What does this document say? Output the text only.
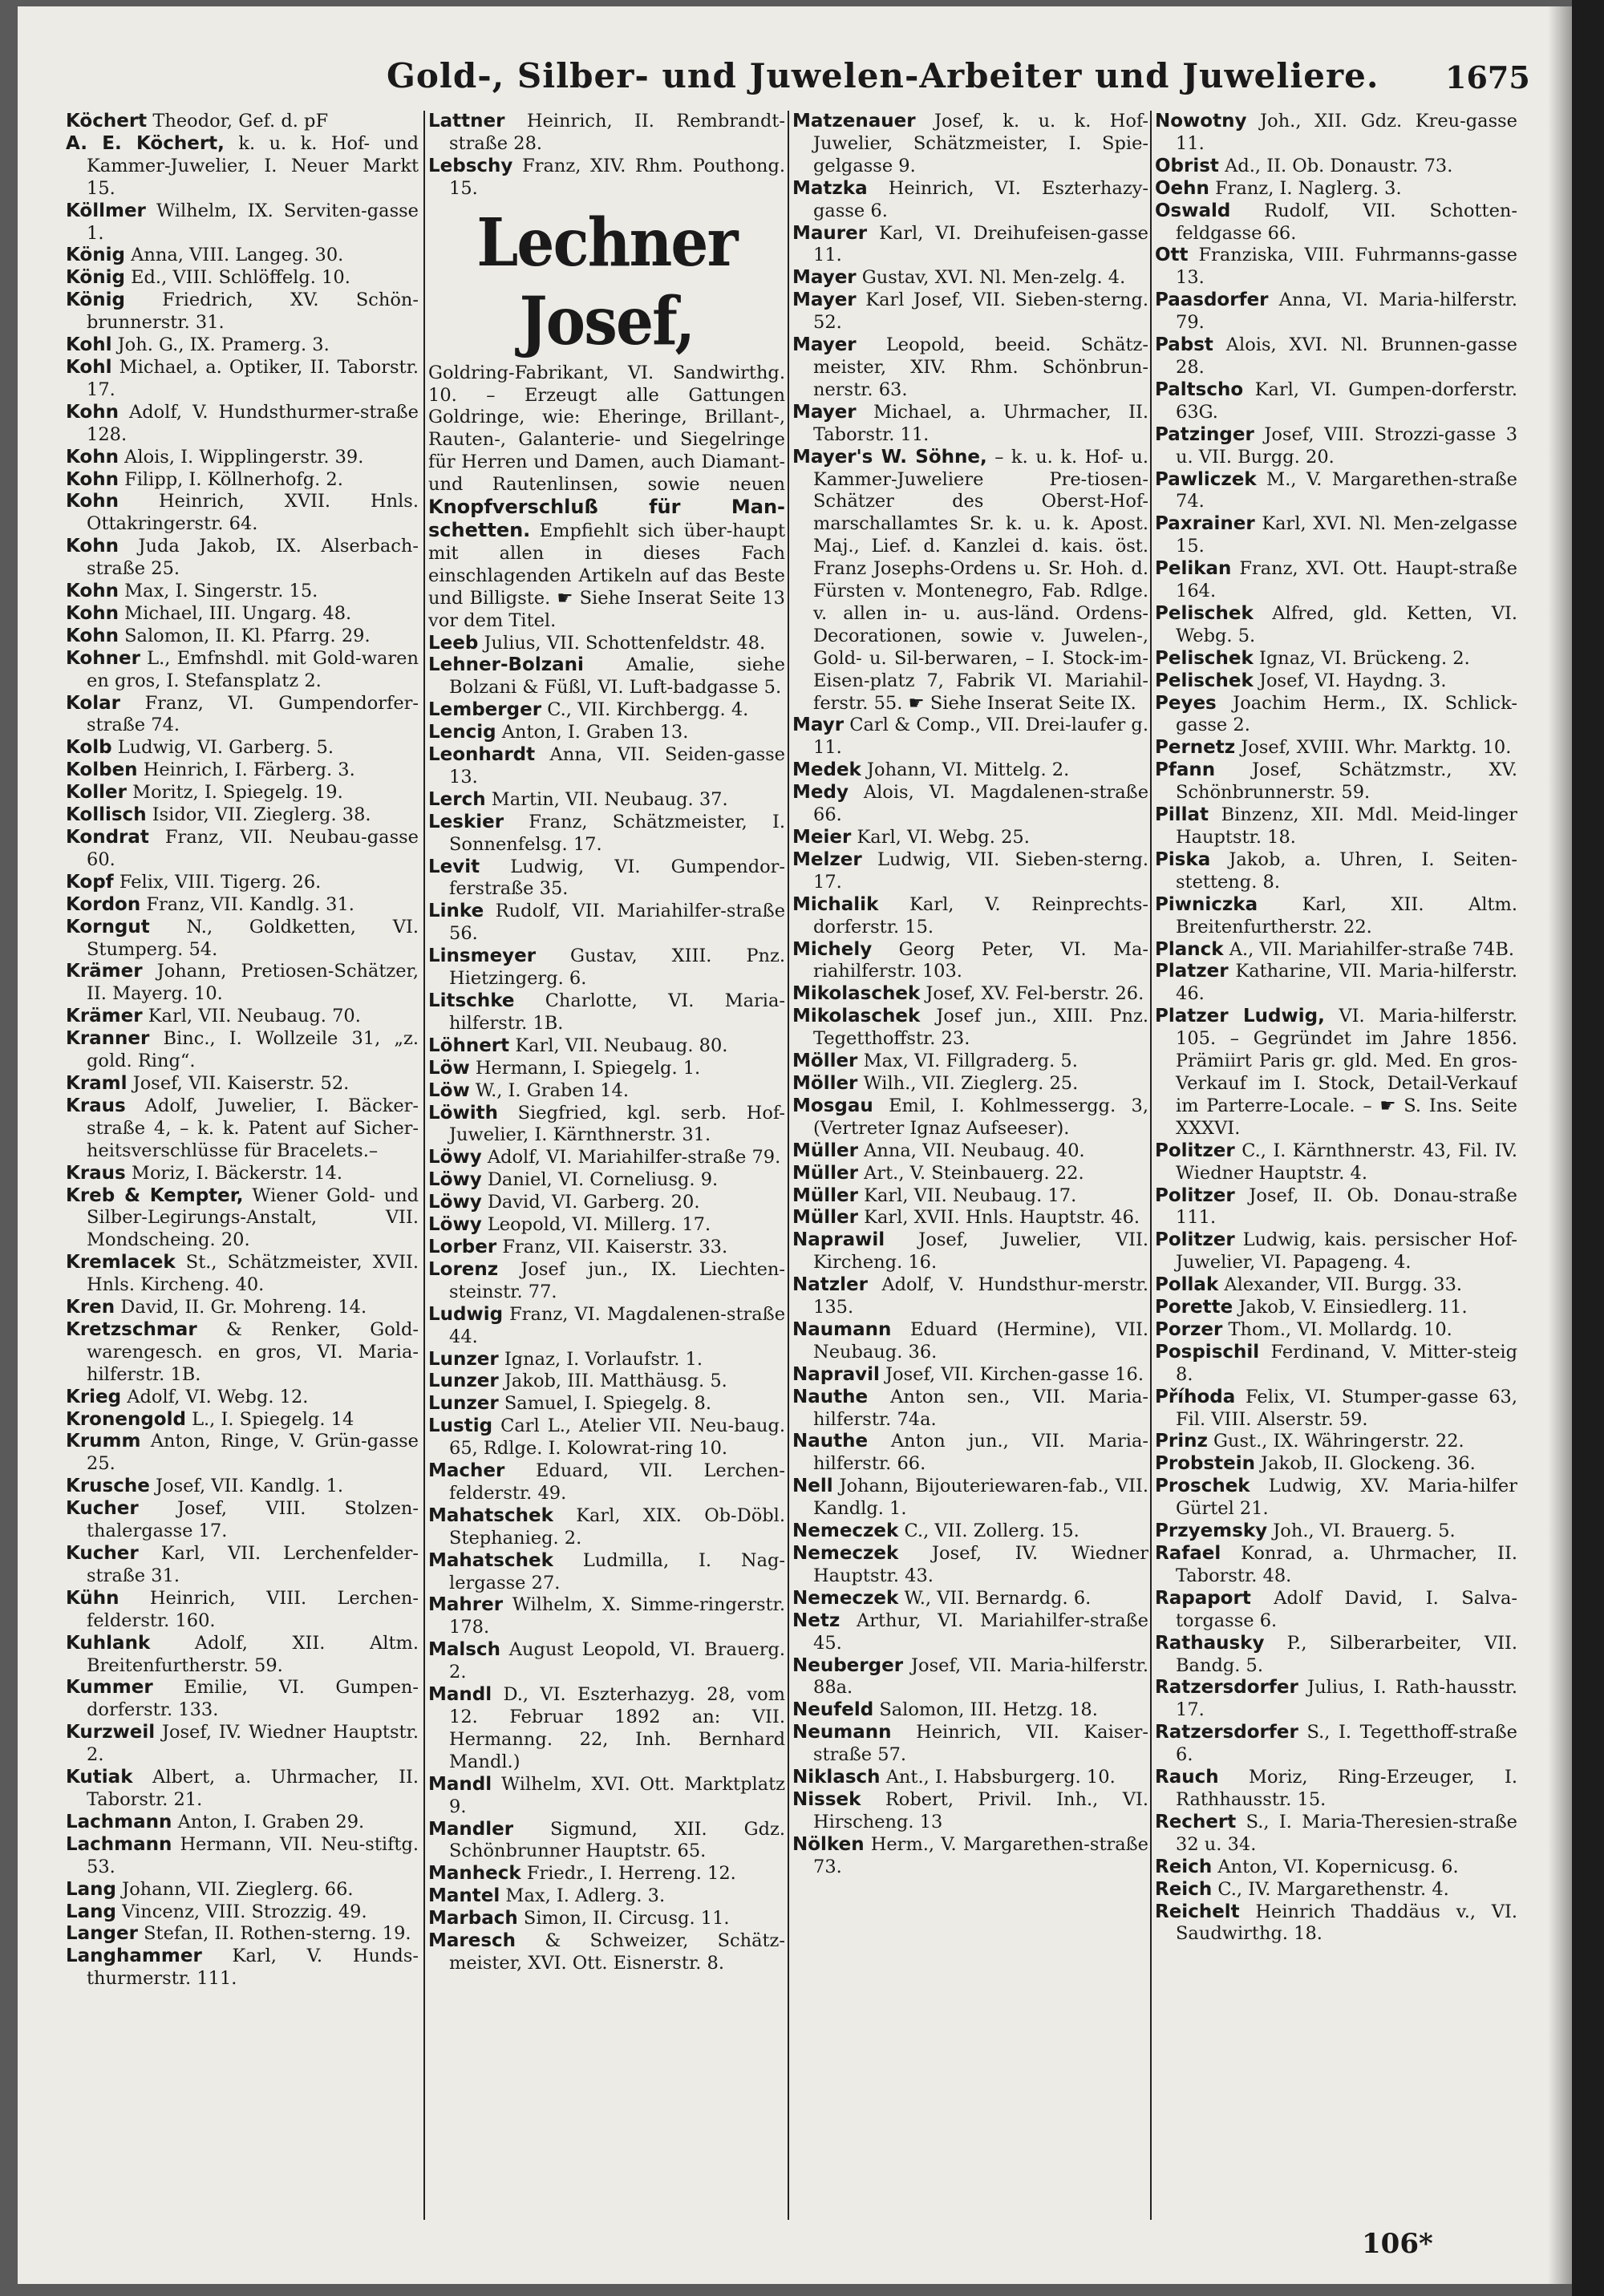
Gold-, Silber- und Juwelen-Arbeiter und Juweliere. 1675

Köchert Theodor, Gef. d. pF

A. E. Köchert, k. u. k. Hof- und Kammer-Juwelier, I. Neuer Markt 15.

Köllmer Wilhelm, IX. Serviten-gasse 1.

König Anna, VIII. Langeg. 30.

König Ed., VIII. Schlöffelg. 10.

König Friedrich, XV. Schön-brunnerstr. 31.

Kohl Joh. G., IX. Pramerg. 3.

Kohl Michael, a. Optiker, II. Taborstr. 17.

Kohn Adolf, V. Hundsthurmer-straße 128.

Kohn Alois, I. Wipplingerstr. 39.

Kohn Filipp, I. Köllnerhofg. 2.

Kohn Heinrich, XVII. Hnls. Ottakringerstr. 64.

Kohn Juda Jakob, IX. Alserbach-straße 25.

Kohn Max, I. Singerstr. 15.

Kohn Michael, III. Ungarg. 48.

Kohn Salomon, II. Kl. Pfarrg. 29.

Kohner L., Emfnshdl. mit Gold-waren en gros, I. Stefansplatz 2.

Kolar Franz, VI. Gumpendorfer-straße 74.

Kolb Ludwig, VI. Garberg. 5.

Kolben Heinrich, I. Färberg. 3.

Koller Moritz, I. Spiegelg. 19.

Kollisch Isidor, VII. Zieglerg. 38.

Kondrat Franz, VII. Neubau-gasse 60.

Kopf Felix, VIII. Tigerg. 26.

Kordon Franz, VII. Kandlg. 31.

Korngut N., Goldketten, VI. Stumperg. 54.

Krämer Johann, Pretiosen-Schätzer, II. Mayerg. 10.

Krämer Karl, VII. Neubaug. 70.

Kranner Binc., I. Wollzeile 31, „z. gold. Ring“.

Kraml Josef, VII. Kaiserstr. 52.

Kraus Adolf, Juwelier, I. Bäcker-straße 4, – k. k. Patent auf Sicher-heitsverschlüsse für Bracelets.–

Kraus Moriz, I. Bäckerstr. 14.

Kreb & Kempter, Wiener Gold- und Silber-Legirungs-Anstalt, VII. Mondscheing. 20.

Kremlacek St., Schätzmeister, XVII. Hnls. Kircheng. 40.

Kren David, II. Gr. Mohreng. 14.

Kretzschmar & Renker, Gold-warengesch. en gros, VI. Maria-hilferstr. 1B.

Krieg Adolf, VI. Webg. 12.

Kronengold L., I. Spiegelg. 14

Krumm Anton, Ringe, V. Grün-gasse 25.

Krusche Josef, VII. Kandlg. 1.

Kucher Josef, VIII. Stolzen-thalergasse 17.

Kucher Karl, VII. Lerchenfelder-straße 31.

Kühn Heinrich, VIII. Lerchen-felderstr. 160.

Kuhlank Adolf, XII. Altm. Breitenfurtherstr. 59.

Kummer Emilie, VI. Gumpen-dorferstr. 133.

Kurzweil Josef, IV. Wiedner Hauptstr. 2.

Kutiak Albert, a. Uhrmacher, II. Taborstr. 21.

Lachmann Anton, I. Graben 29.

Lachmann Hermann, VII. Neu-stiftg. 53.

Lang Johann, VII. Zieglerg. 66.

Lang Vincenz, VIII. Strozzig. 49.

Langer Stefan, II. Rothen-sterng. 19.

Langhammer Karl, V. Hunds-thurmerstr. 111.

Lattner Heinrich, II. Rembrandt-straße 28.

Lebschy Franz, XIV. Rhm. Pouthong. 15.

Lechner Josef,

Goldring-Fabrikant, VI. Sandwirthg. 10. – Erzeugt alle Gattungen Goldringe, wie: Eheringe, Brillant-, Rauten-, Galanterie- und Siegelringe für Herren und Damen, auch Diamant- und Rautenlinsen, sowie neuen Knopfverschluß für Man-schetten. Empfiehlt sich über-haupt mit allen in dieses Fach einschlagenden Artikeln auf das Beste und Billigste. ☛ Siehe Inserat Seite 13 vor dem Titel.

Leeb Julius, VII. Schottenfeldstr. 48.

Lehner-Bolzani Amalie, siehe Bolzani & Füßl, VI. Luft-badgasse 5.

Lemberger C., VII. Kirchbergg. 4.

Lencig Anton, I. Graben 13.

Leonhardt Anna, VII. Seiden-gasse 13.

Lerch Martin, VII. Neubaug. 37.

Leskier Franz, Schätzmeister, I. Sonnenfelsg. 17.

Levit Ludwig, VI. Gumpendor-ferstraße 35.

Linke Rudolf, VII. Mariahilfer-straße 56.

Linsmeyer Gustav, XIII. Pnz. Hietzingerg. 6.

Litschke Charlotte, VI. Maria-hilferstr. 1B.

Löhnert Karl, VII. Neubaug. 80.

Löw Hermann, I. Spiegelg. 1.

Löw W., I. Graben 14.

Löwith Siegfried, kgl. serb. Hof-Juwelier, I. Kärnthnerstr. 31.

Löwy Adolf, VI. Mariahilfer-straße 79.

Löwy Daniel, VI. Corneliusg. 9.

Löwy David, VI. Garberg. 20.

Löwy Leopold, VI. Millerg. 17.

Lorber Franz, VII. Kaiserstr. 33.

Lorenz Josef jun., IX. Liechten-steinstr. 77.

Ludwig Franz, VI. Magdalenen-straße 44.

Lunzer Ignaz, I. Vorlaufstr. 1.

Lunzer Jakob, III. Matthäusg. 5.

Lunzer Samuel, I. Spiegelg. 8.

Lustig Carl L., Atelier VII. Neu-baug. 65, Rdlge. I. Kolowrat-ring 10.

Macher Eduard, VII. Lerchen-felderstr. 49.

Mahatschek Karl, XIX. Ob-Döbl. Stephanieg. 2.

Mahatschek Ludmilla, I. Nag-lergasse 27.

Mahrer Wilhelm, X. Simme-ringerstr. 178.

Malsch August Leopold, VI. Brauerg. 2.

Mandl D., VI. Eszterhazyg. 28, vom 12. Februar 1892 an: VII. Hermanng. 22, Inh. Bernhard Mandl.)

Mandl Wilhelm, XVI. Ott. Marktplatz 9.

Mandler Sigmund, XII. Gdz. Schönbrunner Hauptstr. 65.

Manheck Friedr., I. Herreng. 12.

Mantel Max, I. Adlerg. 3.

Marbach Simon, II. Circusg. 11.

Maresch & Schweizer, Schätz-meister, XVI. Ott. Eisnerstr. 8.

Matzenauer Josef, k. u. k. Hof-Juwelier, Schätzmeister, I. Spie-gelgasse 9.

Matzka Heinrich, VI. Eszterhazy-gasse 6.

Maurer Karl, VI. Dreihufeisen-gasse 11.

Mayer Gustav, XVI. Nl. Men-zelg. 4.

Mayer Karl Josef, VII. Sieben-sterng. 52.

Mayer Leopold, beeid. Schätz-meister, XIV. Rhm. Schönbrun-nerstr. 63.

Mayer Michael, a. Uhrmacher, II. Taborstr. 11.

Mayer's W. Söhne, – k. u. k. Hof- u. Kammer-Juweliere Pre-tiosen-Schätzer des Oberst-Hof-marschallamtes Sr. k. u. k. Apost. Maj., Lief. d. Kanzlei d. kais. öst. Franz Josephs-Ordens u. Sr. Hoh. d. Fürsten v. Montenegro, Fab. Rdlge. v. allen in- u. aus-länd. Ordens-Decorationen, sowie v. Juwelen-, Gold- u. Sil-berwaren, – I. Stock-im-Eisen-platz 7, Fabrik VI. Mariahil-ferstr. 55. ☛ Siehe Inserat Seite IX.

Mayr Carl & Comp., VII. Drei-laufer g. 11.

Medek Johann, VI. Mittelg. 2.

Medy Alois, VI. Magdalenen-straße 66.

Meier Karl, VI. Webg. 25.

Melzer Ludwig, VII. Sieben-sterng. 17.

Michalik Karl, V. Reinprechts-dorferstr. 15.

Michely Georg Peter, VI. Ma-riahilferstr. 103.

Mikolaschek Josef, XV. Fel-berstr. 26.

Mikolaschek Josef jun., XIII. Pnz. Tegetthoffstr. 23.

Möller Max, VI. Fillgraderg. 5.

Möller Wilh., VII. Zieglerg. 25.

Mosgau Emil, I. Kohlmessergg. 3, (Vertreter Ignaz Aufseeser).

Müller Anna, VII. Neubaug. 40.

Müller Art., V. Steinbauerg. 22.

Müller Karl, VII. Neubaug. 17.

Müller Karl, XVII. Hnls. Hauptstr. 46.

Naprawil Josef, Juwelier, VII. Kircheng. 16.

Natzler Adolf, V. Hundsthur-merstr. 135.

Naumann Eduard (Hermine), VII. Neubaug. 36.

Napravil Josef, VII. Kirchen-gasse 16.

Nauthe Anton sen., VII. Maria-hilferstr. 74a.

Nauthe Anton jun., VII. Maria-hilferstr. 66.

Nell Johann, Bijouteriewaren-fab., VII. Kandlg. 1.

Nemeczek C., VII. Zollerg. 15.

Nemeczek Josef, IV. Wiedner Hauptstr. 43.

Nemeczek W., VII. Bernardg. 6.

Netz Arthur, VI. Mariahilfer-straße 45.

Neuberger Josef, VII. Maria-hilferstr. 88a.

Neufeld Salomon, III. Hetzg. 18.

Neumann Heinrich, VII. Kaiser-straße 57.

Niklasch Ant., I. Habsburgerg. 10.

Nissek Robert, Privil. Inh., VI. Hirscheng. 13

Nölken Herm., V. Margarethen-straße 73.

Nowotny Joh., XII. Gdz. Kreu-gasse 11.

Obrist Ad., II. Ob. Donaustr. 73.

Oehn Franz, I. Naglerg. 3.

Oswald Rudolf, VII. Schotten-feldgasse 66.

Ott Franziska, VIII. Fuhrmanns-gasse 13.

Paasdorfer Anna, VI. Maria-hilferstr. 79.

Pabst Alois, XVI. Nl. Brunnen-gasse 28.

Paltscho Karl, VI. Gumpen-dorferstr. 63G.

Patzinger Josef, VIII. Strozzi-gasse 3 u. VII. Burgg. 20.

Pawliczek M., V. Margarethen-straße 74.

Paxrainer Karl, XVI. Nl. Men-zelgasse 15.

Pelikan Franz, XVI. Ott. Haupt-straße 164.

Pelischek Alfred, gld. Ketten, VI. Webg. 5.

Pelischek Ignaz, VI. Brückeng. 2.

Pelischek Josef, VI. Haydng. 3.

Peyes Joachim Herm., IX. Schlick-gasse 2.

Pernetz Josef, XVIII. Whr. Marktg. 10.

Pfann Josef, Schätzmstr., XV. Schönbrunnerstr. 59.

Pillat Binzenz, XII. Mdl. Meid-linger Hauptstr. 18.

Piska Jakob, a. Uhren, I. Seiten-stetteng. 8.

Piwniczka Karl, XII. Altm. Breitenfurtherstr. 22.

Planck A., VII. Mariahilfer-straße 74B.

Platzer Katharine, VII. Maria-hilferstr. 46.

Platzer Ludwig, VI. Maria-hilferstr. 105. – Gegründet im Jahre 1856. Prämiirt Paris gr. gld. Med. En gros-Verkauf im I. Stock, Detail-Verkauf im Parterre-Locale. – ☛ S. Ins. Seite XXXVI.

Politzer C., I. Kärnthnerstr. 43, Fil. IV. Wiedner Hauptstr. 4.

Politzer Josef, II. Ob. Donau-straße 111.

Politzer Ludwig, kais. persischer Hof-Juwelier, VI. Papageng. 4.

Pollak Alexander, VII. Burgg. 33.

Porette Jakob, V. Einsiedlerg. 11.

Porzer Thom., VI. Mollardg. 10.

Pospischil Ferdinand, V. Mitter-steig 8.

Příhoda Felix, VI. Stumper-gasse 63, Fil. VIII. Alserstr. 59.

Prinz Gust., IX. Währingerstr. 22.

Probstein Jakob, II. Glockeng. 36.

Proschek Ludwig, XV. Maria-hilfer Gürtel 21.

Przyemsky Joh., VI. Brauerg. 5.

Rafael Konrad, a. Uhrmacher, II. Taborstr. 48.

Rapaport Adolf David, I. Salva-torgasse 6.

Rathausky P., Silberarbeiter, VII. Bandg. 5.

Ratzersdorfer Julius, I. Rath-hausstr. 17.

Ratzersdorfer S., I. Tegetthoff-straße 6.

Rauch Moriz, Ring-Erzeuger, I. Rathhausstr. 15.

Rechert S., I. Maria-Theresien-straße 32 u. 34.

Reich Anton, VI. Kopernicusg. 6.

Reich C., IV. Margarethenstr. 4.

Reichelt Heinrich Thaddäus v., VI. Saudwirthg. 18.

106*
